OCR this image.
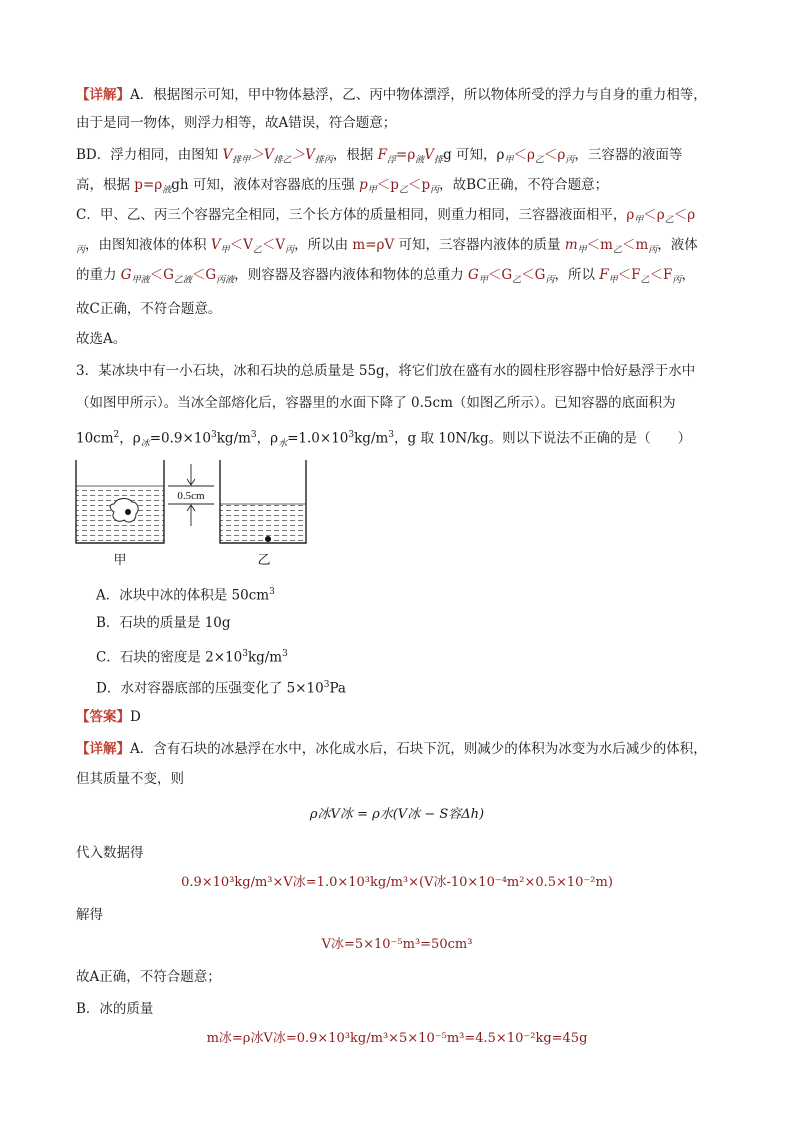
【详解】A．根据图示可知，甲中物体悬浮，乙、丙中物体漂浮，所以物体所受的浮力与自身的重力相等，
由于是同一物体，则浮力相等，故A错误，符合题意；
BD．浮力相同，由图知 $V_{排甲}>V_{排乙}>V_{排丙}$，根据 $F_浮=\rho_液V_排g$ 可知，$\rho_甲<\rho_乙<\rho_丙$，三容器的液面等
高，根据 $p=\rho_液gh$ 可知，液体对容器底的压强 $p_甲<p_乙<p_丙$，故BC正确，不符合题意；
C．甲、乙、丙三个容器完全相同，三个长方体的质量相同，则重力相同，三容器液面相平，$\rho_甲<\rho_乙<\rho$
$_丙$，由图知液体的体积 $V_甲<V_乙<V_丙$，所以由 m=ρV 可知，三容器内液体的质量 $m_甲<m_乙<m_丙$，液体
的重力 $G_{甲液}<G_{乙液}<G_{丙液}$，则容器及容器内液体和物体的总重力 $G_甲<G_乙<G_丙$，所以 $F_甲<F_乙<F_丙$，
故C正确，不符合题意。
故选A。
3．某冰块中有一小石块，冰和石块的总质量是 55g，将它们放在盛有水的圆柱形容器中恰好悬浮于水中
（如图甲所示）。当冰全部熔化后，容器里的水面下降了 0.5cm（如图乙所示）。已知容器的底面积为
$10cm^2$，$\rho_冰=0.9\times 10^3kg/m^3$，$\rho_水=1.0\times 10^3kg/m^3$，g 取 10N/kg。则以下说法不正确的是（　　）
0.5cm
甲	乙
A．冰块中冰的体积是 $50cm^3$
B．石块的质量是 10g
C．石块的密度是 $2\times 10^3kg/m^3$
D．水对容器底部的压强变化了 $5\times 10^3Pa$
【答案】D
【详解】A．含有石块的冰悬浮在水中，冰化成水后，石块下沉，则减少的体积为冰变为水后减少的体积，
但其质量不变，则
ρ冰V冰 = ρ水(V冰 − S容Δh)
代入数据得
0.9×10³kg/m³×V冰=1.0×10³kg/m³×(V冰-10×10⁻⁴m²×0.5×10⁻²m)
解得
V冰=5×10⁻⁵m³=50cm³
故A正确，不符合题意；
B．冰的质量
m冰=ρ冰V冰=0.9×10³kg/m³×5×10⁻⁵m³=4.5×10⁻²kg=45g
